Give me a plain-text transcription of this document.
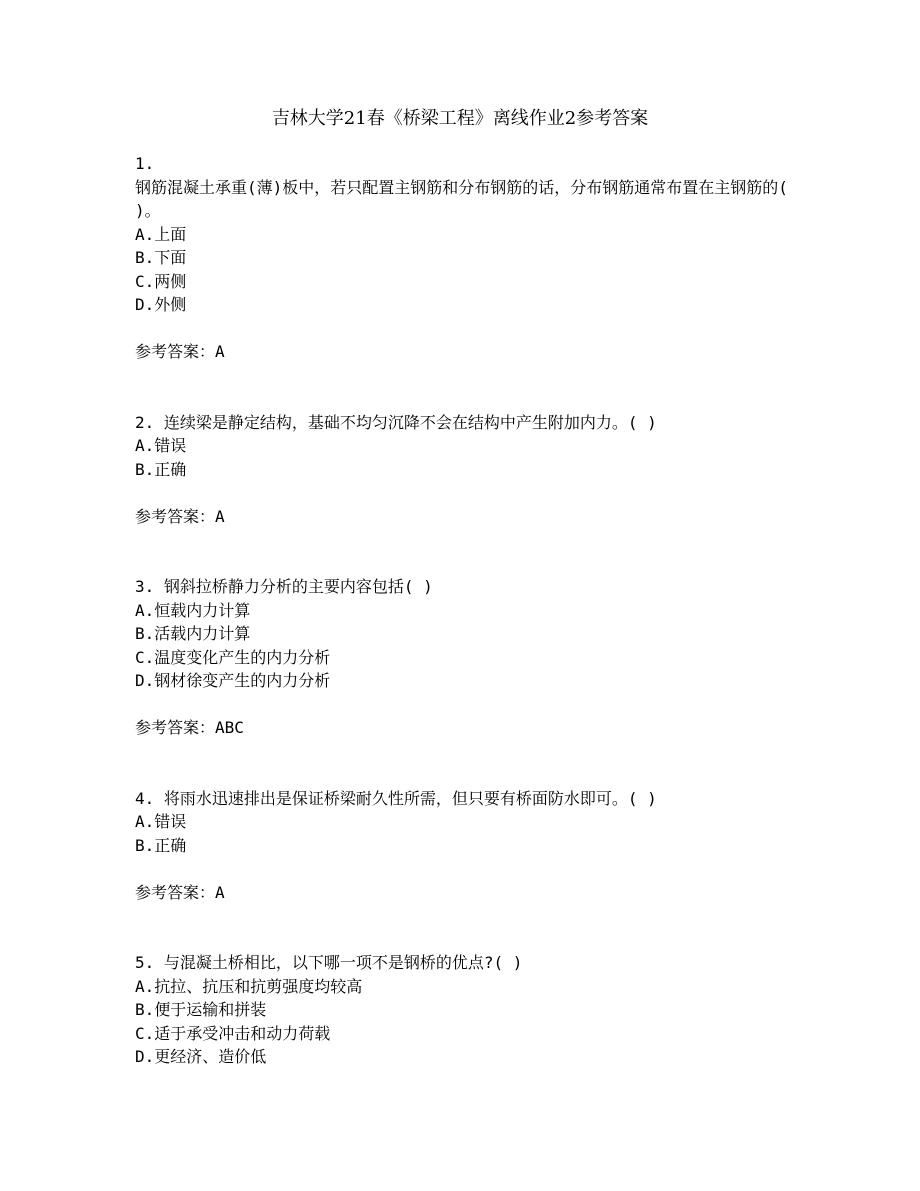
吉林大学21春《桥梁工程》离线作业2参考答案
1.
钢筋混凝土承重(薄)板中，若只配置主钢筋和分布钢筋的话，分布钢筋通常布置在主钢筋的( )。
A.上面
B.下面
C.两侧
D.外侧
参考答案：A
2. 连续梁是静定结构，基础不均匀沉降不会在结构中产生附加内力。( )
A.错误
B.正确
参考答案：A
3. 钢斜拉桥静力分析的主要内容包括( )
A.恒载内力计算
B.活载内力计算
C.温度变化产生的内力分析
D.钢材徐变产生的内力分析
参考答案：ABC
4. 将雨水迅速排出是保证桥梁耐久性所需，但只要有桥面防水即可。( )
A.错误
B.正确
参考答案：A
5. 与混凝土桥相比，以下哪一项不是钢桥的优点?( )
A.抗拉、抗压和抗剪强度均较高
B.便于运输和拼装
C.适于承受冲击和动力荷载
D.更经济、造价低
